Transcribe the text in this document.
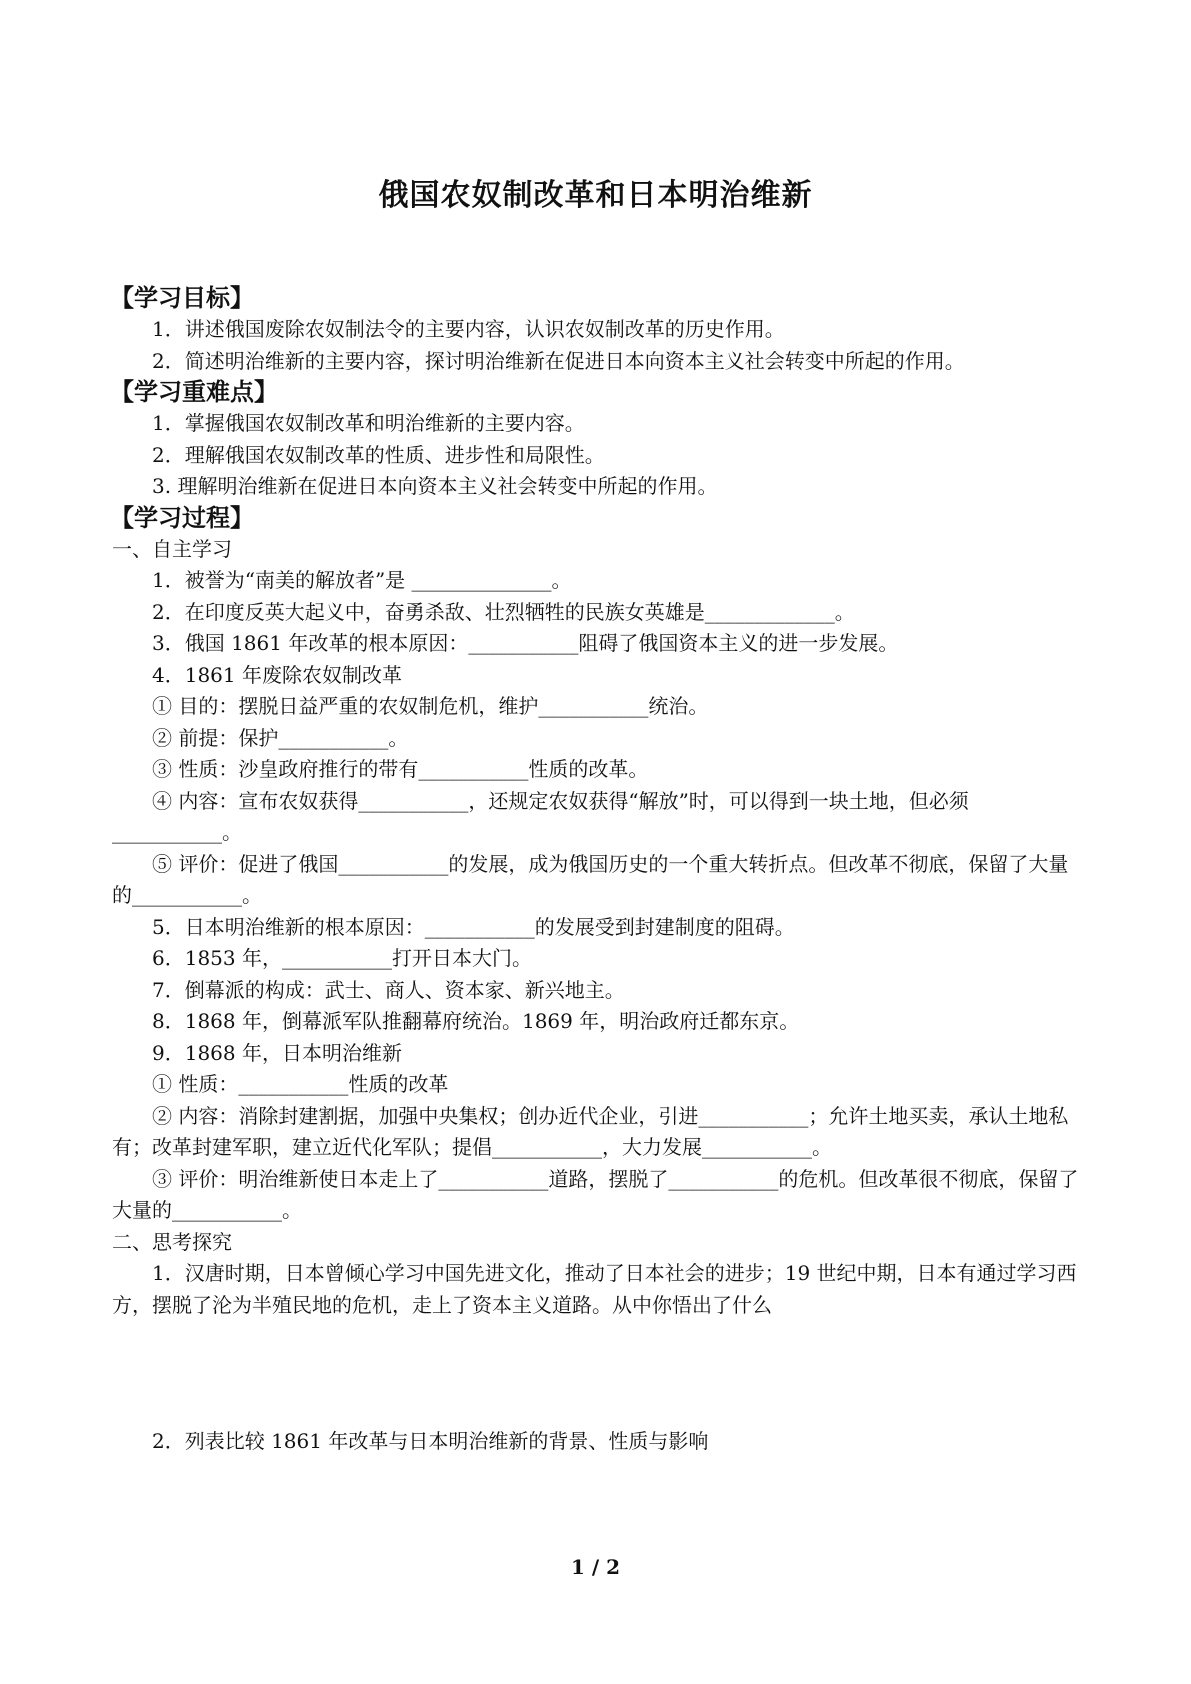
俄国农奴制改革和日本明治维新
【学习目标】

1．讲述俄国废除农奴制法令的主要内容，认识农奴制改革的历史作用。

2．简述明治维新的主要内容，探讨明治维新在促进日本向资本主义社会转变中所起的作用。

【学习重难点】

1．掌握俄国农奴制改革和明治维新的主要内容。

2．理解俄国农奴制改革的性质、进步性和局限性。

3. 理解明治维新在促进日本向资本主义社会转变中所起的作用。

【学习过程】

一、自主学习

1．被誉为“南美的解放者”是 ______________。

2．在印度反英大起义中，奋勇杀敌、壮烈牺牲的民族女英雄是_____________。

3．俄国 1861 年改革的根本原因：___________阻碍了俄国资本主义的进一步发展。

4．1861 年废除农奴制改革

① 目的：摆脱日益严重的农奴制危机，维护___________统治。

② 前提：保护___________。

③ 性质：沙皇政府推行的带有___________性质的改革。

④ 内容：宣布农奴获得___________，还规定农奴获得“解放”时，可以得到一块土地，但必须___________。

⑤ 评价：促进了俄国___________的发展，成为俄国历史的一个重大转折点。但改革不彻底，保留了大量的___________。

5．日本明治维新的根本原因：___________的发展受到封建制度的阻碍。

6．1853 年，___________打开日本大门。

7．倒幕派的构成：武士、商人、资本家、新兴地主。

8．1868 年，倒幕派军队推翻幕府统治。1869 年，明治政府迁都东京。

9．1868 年，日本明治维新

① 性质：___________性质的改革

② 内容：消除封建割据，加强中央集权；创办近代企业，引进___________；允许土地买卖，承认土地私有；改革封建军职，建立近代化军队；提倡___________，大力发展___________。

③ 评价：明治维新使日本走上了___________道路，摆脱了___________的危机。但改革很不彻底，保留了大量的___________。

二、思考探究

1．汉唐时期，日本曾倾心学习中国先进文化，推动了日本社会的进步；19 世纪中期，日本有通过学习西方，摆脱了沦为半殖民地的危机，走上了资本主义道路。从中你悟出了什么

2．列表比较 1861 年改革与日本明治维新的背景、性质与影响

1 / 2
